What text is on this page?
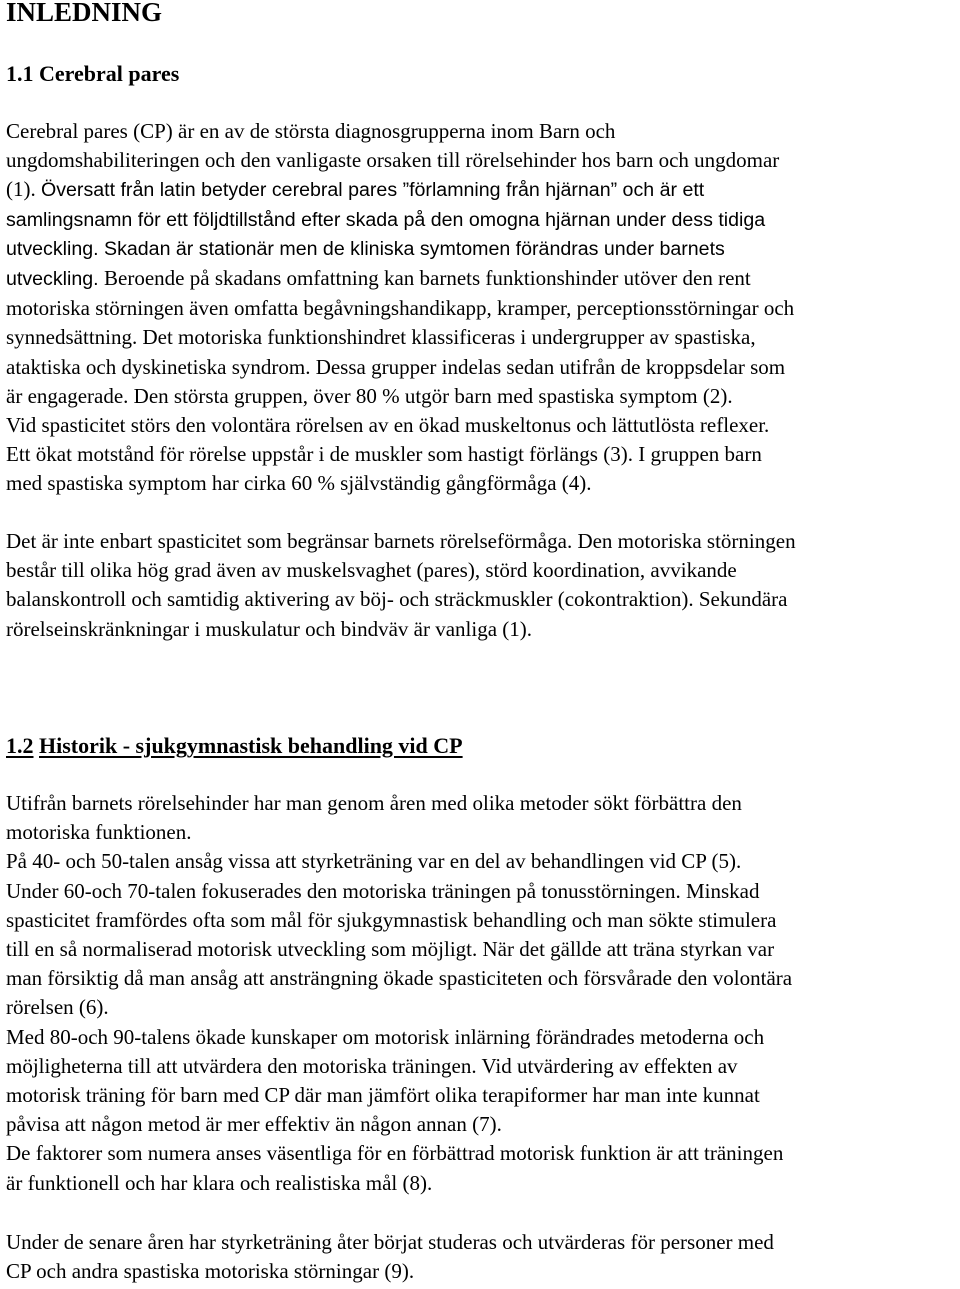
INLEDNING
1.1 Cerebral pares

Cerebral pares (CP) är en av de största diagnosgrupperna inom Barn och
ungdomshabiliteringen och den vanligaste orsaken till rörelsehinder hos barn och ungdomar
(1). Översatt från latin betyder cerebral pares ”förlamning från hjärnan” och är ett
samlingsnamn för ett följdtillstånd efter skada på den omogna hjärnan under dess tidiga
utveckling. Skadan är stationär men de kliniska symtomen förändras under barnets
utveckling. Beroende på skadans omfattning kan barnets funktionshinder utöver den rent
motoriska störningen även omfatta begåvningshandikapp, kramper, perceptionsstörningar och
synnedsättning. Det motoriska funktionshindret klassificeras i undergrupper av spastiska,
ataktiska och dyskinetiska syndrom. Dessa grupper indelas sedan utifrån de kroppsdelar som
är engagerade. Den största gruppen, över 80 % utgör barn med spastiska symptom (2).
Vid spasticitet störs den volontära rörelsen av en ökad muskeltonus och lättutlösta reflexer.
Ett ökat motstånd för rörelse uppstår i de muskler som hastigt förlängs (3). I gruppen barn
med spastiska symptom har cirka 60 % självständig gångförmåga (4).

Det är inte enbart spasticitet som begränsar barnets rörelseförmåga. Den motoriska störningen
består till olika hög grad även av muskelsvaghet (pares), störd koordination, avvikande
balanskontroll och samtidig aktivering av böj- och sträckmuskler (cokontraktion). Sekundära
rörelseinskränkningar i muskulatur och bindväv är vanliga (1).

1.2 Historik - sjukgymnastisk behandling vid CP

Utifrån barnets rörelsehinder har man genom åren med olika metoder sökt förbättra den
motoriska funktionen.
På 40- och 50-talen ansåg vissa att styrketräning var en del av behandlingen vid CP (5).
Under 60-och 70-talen fokuserades den motoriska träningen på tonusstörningen. Minskad
spasticitet framfördes ofta som mål för sjukgymnastisk behandling och man sökte stimulera
till en så normaliserad motorisk utveckling som möjligt. När det gällde att träna styrkan var
man försiktig då man ansåg att ansträngning ökade spasticiteten och försvårade den volontära
rörelsen (6).
Med 80-och 90-talens ökade kunskaper om motorisk inlärning förändrades metoderna och
möjligheterna till att utvärdera den motoriska träningen. Vid utvärdering av effekten av
motorisk träning för barn med CP där man jämfört olika terapiformer har man inte kunnat
påvisa att någon metod är mer effektiv än någon annan (7).
De faktorer som numera anses väsentliga för en förbättrad motorisk funktion är att träningen
är funktionell och har klara och realistiska mål (8).

Under de senare åren har styrketräning åter börjat studeras och utvärderas för personer med
CP och andra spastiska motoriska störningar (9).
